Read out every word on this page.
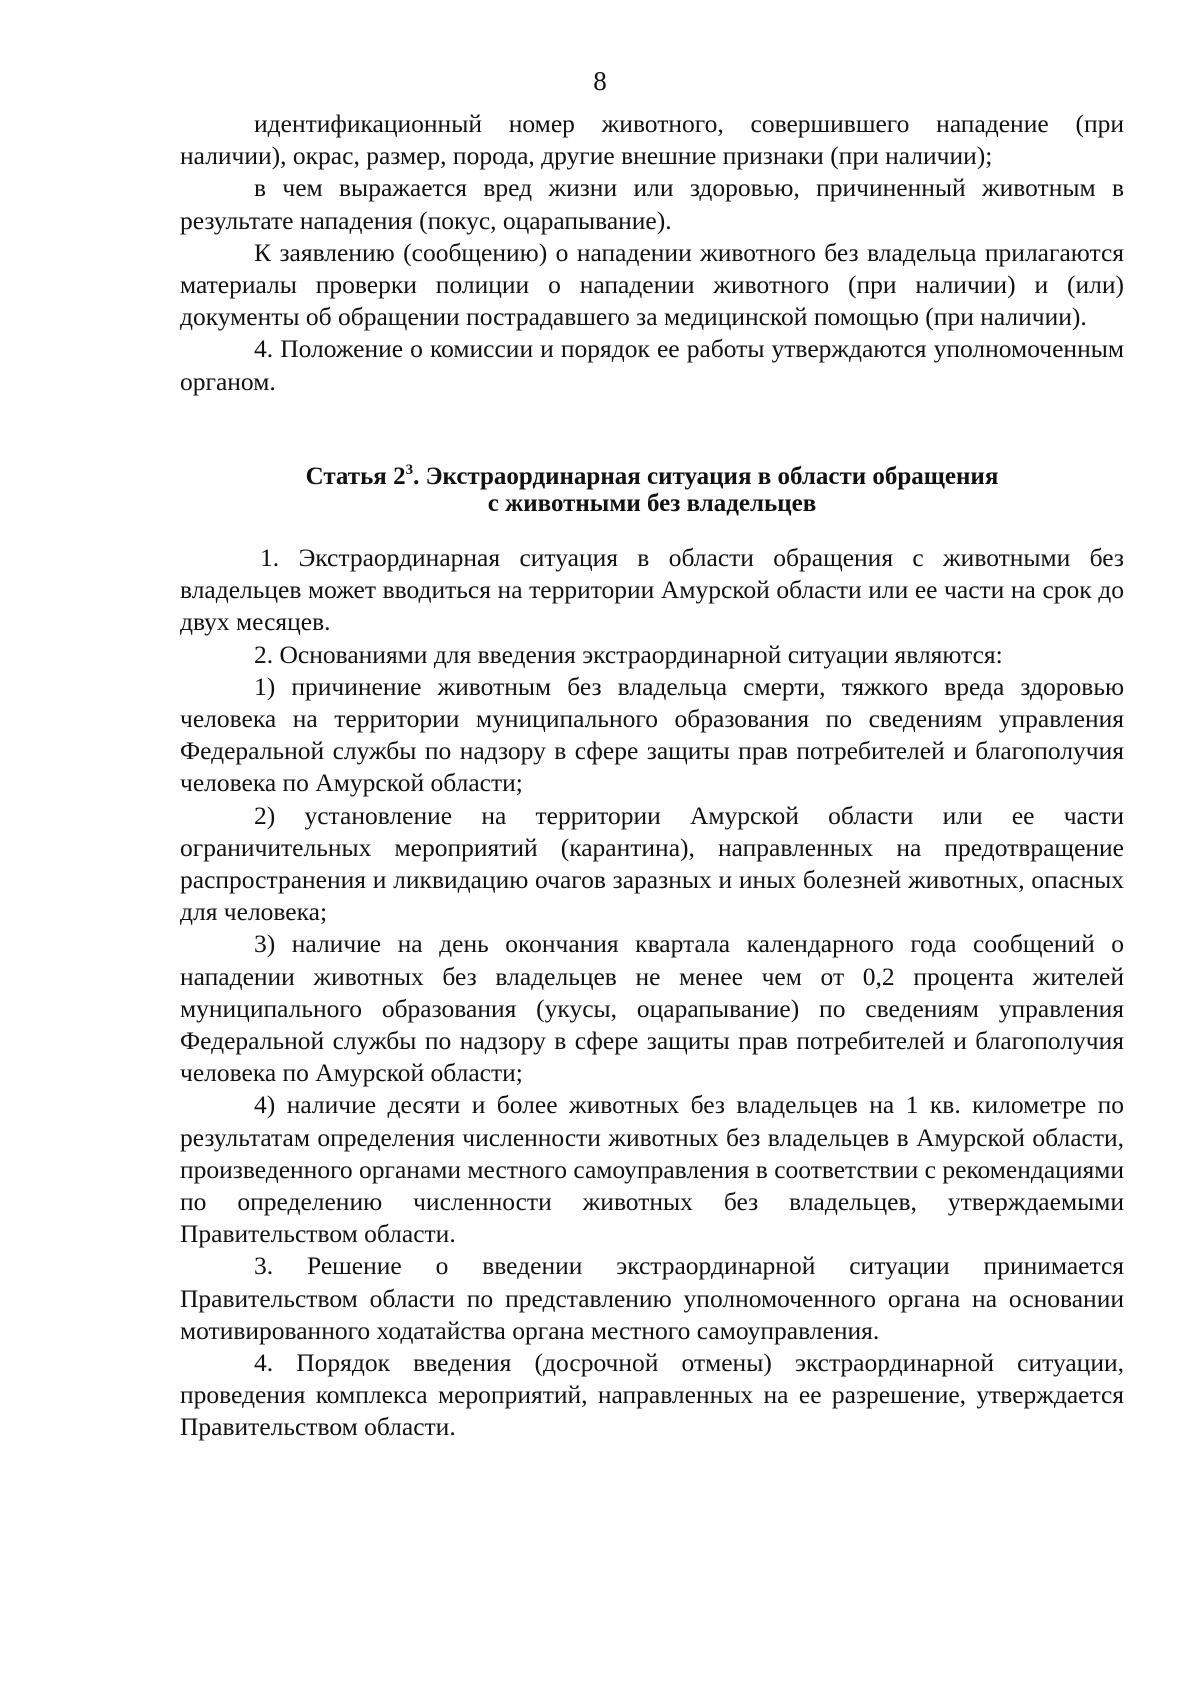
8

идентификационный номер животного, совершившего нападение (при наличии), окрас, размер, порода, другие внешние признаки (при наличии);

в чем выражается вред жизни или здоровью, причиненный животным в результате нападения (покус, оцарапывание).

К заявлению (сообщению) о нападении животного без владельца прилагаются материалы проверки полиции о нападении животного (при наличии) и (или) документы об обращении пострадавшего за медицинской помощью (при наличии).

4. Положение о комиссии и порядок ее работы утверждаются уполномоченным органом.

Статья $2^3$. Экстраординарная ситуация в области обращения
с животными без владельцев

1. Экстраординарная ситуация в области обращения с животными без владельцев может вводиться на территории Амурской области или ее части на срок до двух месяцев.

2. Основаниями для введения экстраординарной ситуации являются:

1) причинение животным без владельца смерти, тяжкого вреда здоровью человека на территории муниципального образования по сведениям управления Федеральной службы по надзору в сфере защиты прав потребителей и благополучия человека по Амурской области;

2) установление на территории Амурской области или ее части ограничительных мероприятий (карантина), направленных на предотвращение распространения и ликвидацию очагов заразных и иных болезней животных, опасных для человека;

3) наличие на день окончания квартала календарного года сообщений о нападении животных без владельцев не менее чем от 0,2 процента жителей муниципального образования (укусы, оцарапывание) по сведениям управления Федеральной службы по надзору в сфере защиты прав потребителей и благополучия человека по Амурской области;

4) наличие десяти и более животных без владельцев на 1 кв. километре по результатам определения численности животных без владельцев в Амурской области, произведенного органами местного самоуправления в соответствии с рекомендациями по определению численности животных без владельцев, утверждаемыми Правительством области.

3. Решение о введении экстраординарной ситуации принимается Правительством области по представлению уполномоченного органа на основании мотивированного ходатайства органа местного самоуправления.

4. Порядок введения (досрочной отмены) экстраординарной ситуации, проведения комплекса мероприятий, направленных на ее разрешение, утверждается Правительством области.
